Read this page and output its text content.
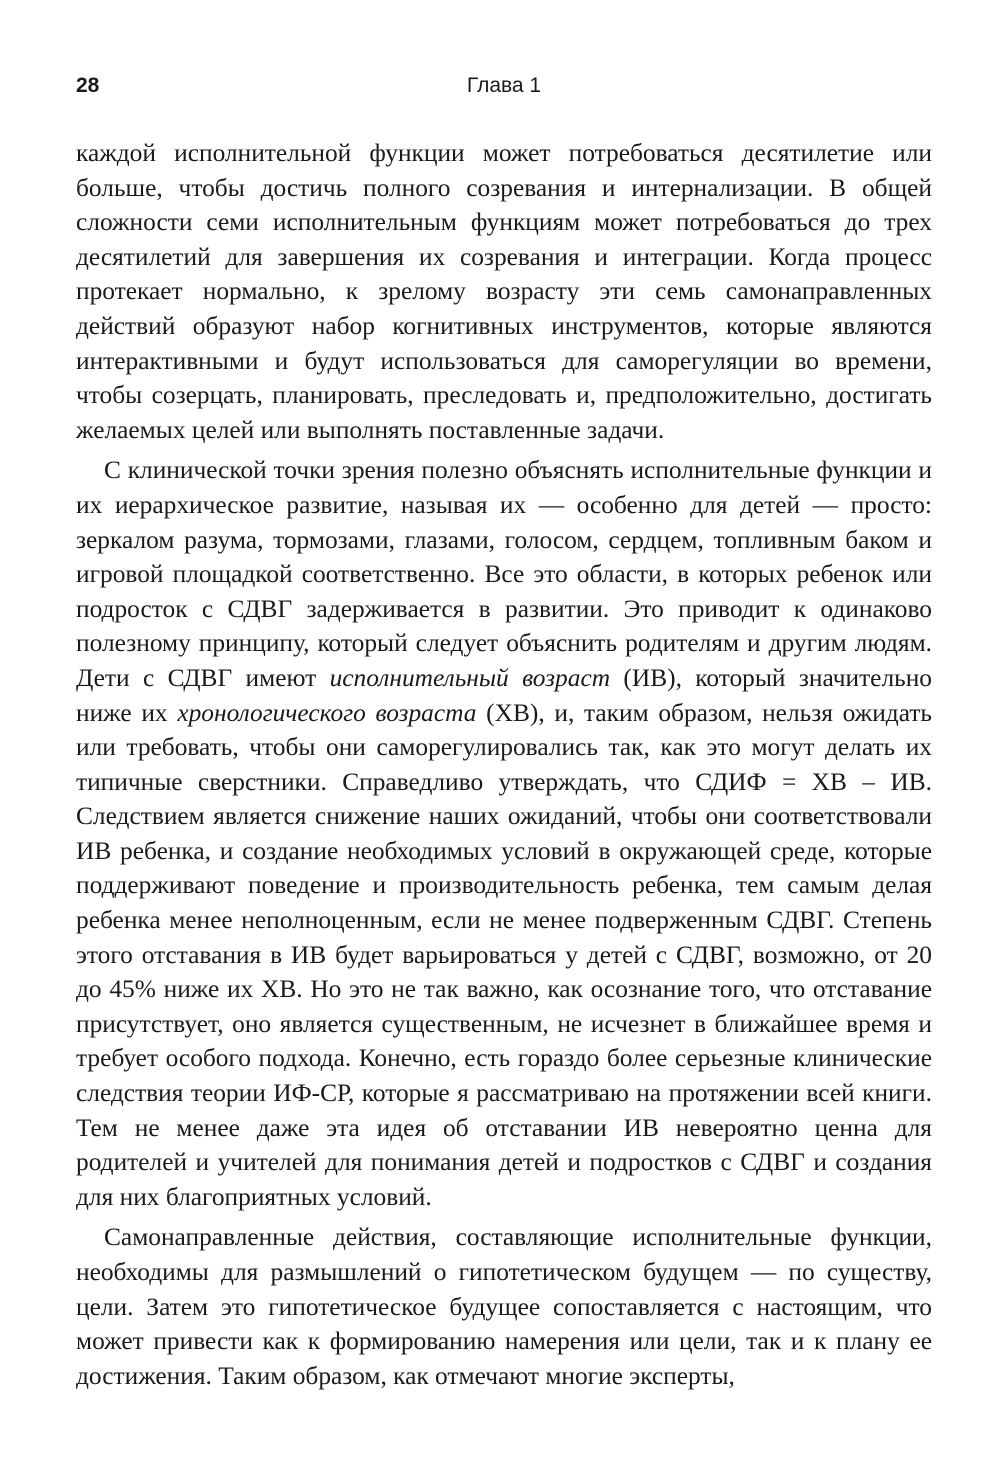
28	Глава 1

каждой исполнительной функции может потребоваться десятилетие или больше, чтобы достичь полного созревания и интернализации. В общей сложности семи исполнительным функциям может потребоваться до трех десятилетий для завершения их созревания и интеграции. Когда процесс протекает нормально, к зрелому возрасту эти семь самонаправленных действий образуют набор когнитивных инструментов, которые являются интерактивными и будут использоваться для саморегуляции во времени, чтобы созерцать, планировать, преследовать и, предположительно, достигать желаемых целей или выполнять поставленные задачи.

С клинической точки зрения полезно объяснять исполнительные функции и их иерархическое развитие, называя их — особенно для детей — просто: зеркалом разума, тормозами, глазами, голосом, сердцем, топливным баком и игровой площадкой соответственно. Все это области, в которых ребенок или подросток с СДВГ задерживается в развитии. Это приводит к одинаково полезному принципу, который следует объяснить родителям и другим людям. Дети с СДВГ имеют исполнительный возраст (ИВ), который значительно ниже их хронологического возраста (ХВ), и, таким образом, нельзя ожидать или требовать, чтобы они саморегулировались так, как это могут делать их типичные сверстники. Справедливо утверждать, что СДИФ = ХВ – ИВ. Следствием является снижение наших ожиданий, чтобы они соответствовали ИВ ребенка, и создание необходимых условий в окружающей среде, которые поддерживают поведение и производительность ребенка, тем самым делая ребенка менее неполноценным, если не менее подверженным СДВГ. Степень этого отставания в ИВ будет варьироваться у детей с СДВГ, возможно, от 20 до 45% ниже их ХВ. Но это не так важно, как осознание того, что отставание присутствует, оно является существенным, не исчезнет в ближайшее время и требует особого подхода. Конечно, есть гораздо более серьезные клинические следствия теории ИФ-СР, которые я рассматриваю на протяжении всей книги. Тем не менее даже эта идея об отставании ИВ невероятно ценна для родителей и учителей для понимания детей и подростков с СДВГ и создания для них благоприятных условий.

Самонаправленные действия, составляющие исполнительные функции, необходимы для размышлений о гипотетическом будущем — по существу, цели. Затем это гипотетическое будущее сопоставляется с настоящим, что может привести как к формированию намерения или цели, так и к плану ее достижения. Таким образом, как отмечают многие эксперты,
